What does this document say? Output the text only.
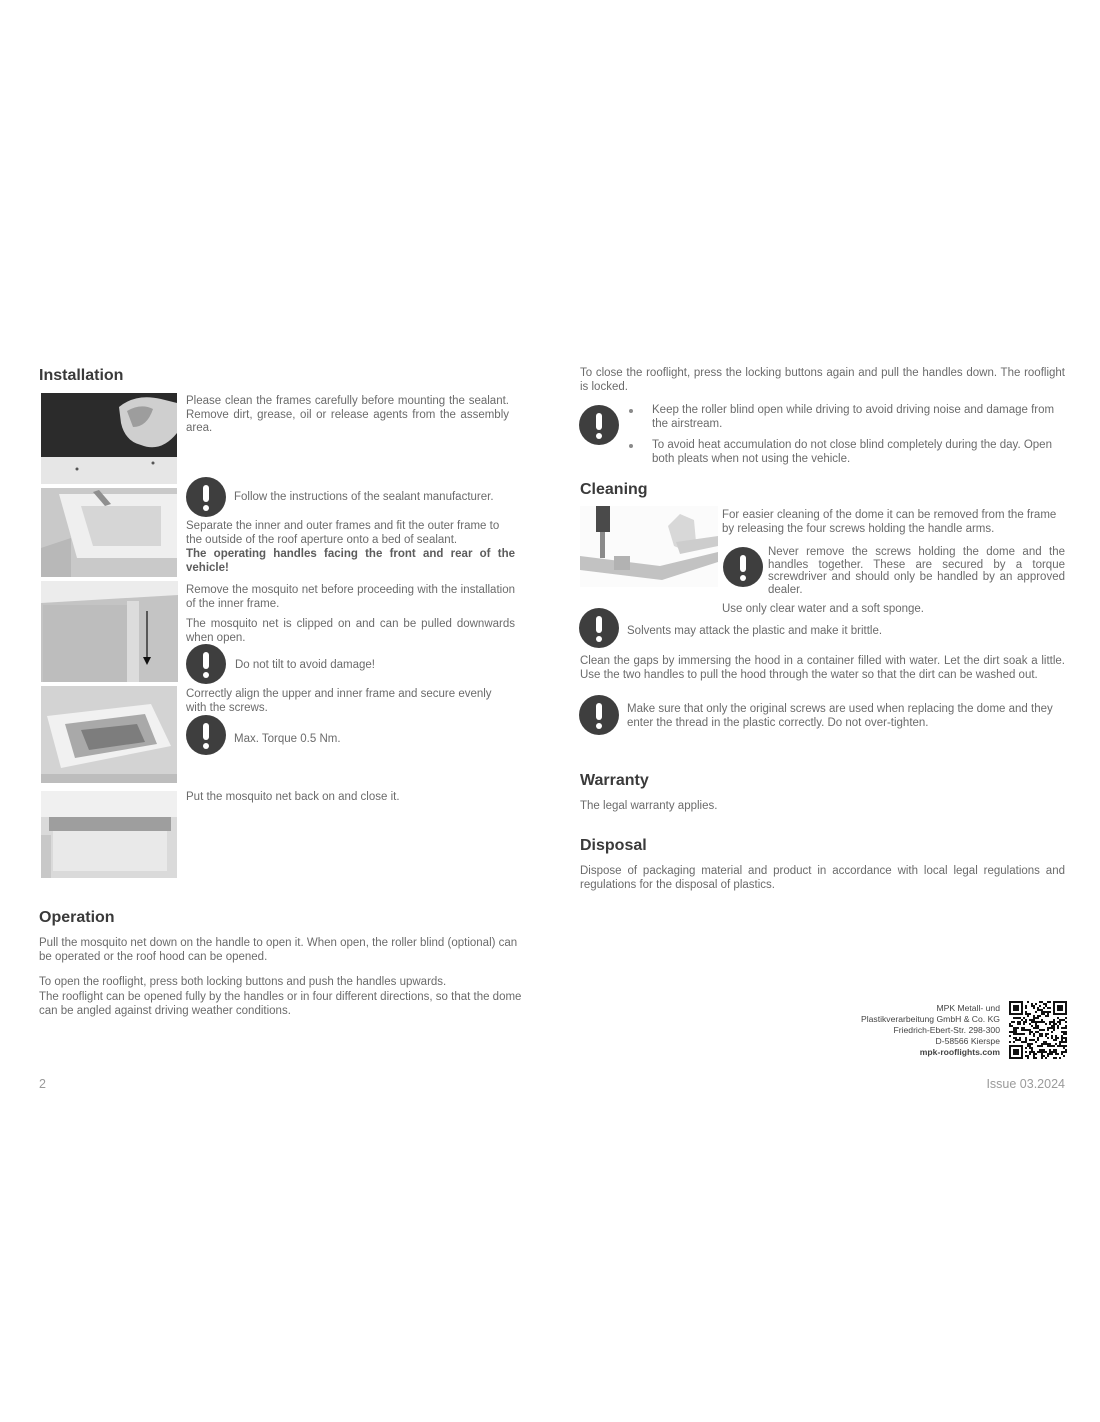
Installation
Please clean the frames carefully before mounting the sealant. Remove dirt, grease, oil or release agents from the assembly area.
Follow the instructions of the sealant manufacturer.
Separate the inner and outer frames and fit the outer frame to the outside of the roof aperture onto a bed of sealant.
The operating handles facing the front and rear of the vehicle!
Remove the mosquito net before proceeding with the installation of the inner frame.
The mosquito net is clipped on and can be pulled downwards when open.
Do not tilt to avoid damage!
Correctly align the upper and inner frame and secure evenly with the screws.
Max. Torque 0.5 Nm.
Put the mosquito net back on and close it.
Operation
Pull the mosquito net down on the handle to open it. When open, the roller blind (optional) can be operated or the roof hood can be opened.
To open the rooflight, press both locking buttons and push the handles upwards.
The rooflight can be opened fully by the handles or in four different directions, so that the dome can be angled against driving weather conditions.
2
To close the rooflight, press the locking buttons again and pull the handles down. The rooflight is locked.
Keep the roller blind open while driving to avoid driving noise and damage from the airstream.
To avoid heat accumulation do not close blind completely during the day. Open both pleats when not using the vehicle.
Cleaning
For easier cleaning of the dome it can be removed from the frame by releasing the four screws holding the handle arms.
Never remove the screws holding the dome and the handles together. These are secured by a torque screwdriver and should only be handled by an approved dealer.
Use only clear water and a soft sponge.
Solvents may attack the plastic and make it brittle.
Clean the gaps by immersing the hood in a container filled with water. Let the dirt soak a little. Use the two handles to pull the hood through the water so that the dirt can be washed out.
Make sure that only the original screws are used when replacing the dome and they enter the thread in the plastic correctly. Do not over-tighten.
Warranty
The legal warranty applies.
Disposal
Dispose of packaging material and product in accordance with local legal regulations and regulations for the disposal of plastics.
MPK Metall- und
Plastikverarbeitung GmbH & Co. KG
Friedrich-Ebert-Str. 298-300
D-58566 Kierspe
mpk-rooflights.com
Issue 03.2024
